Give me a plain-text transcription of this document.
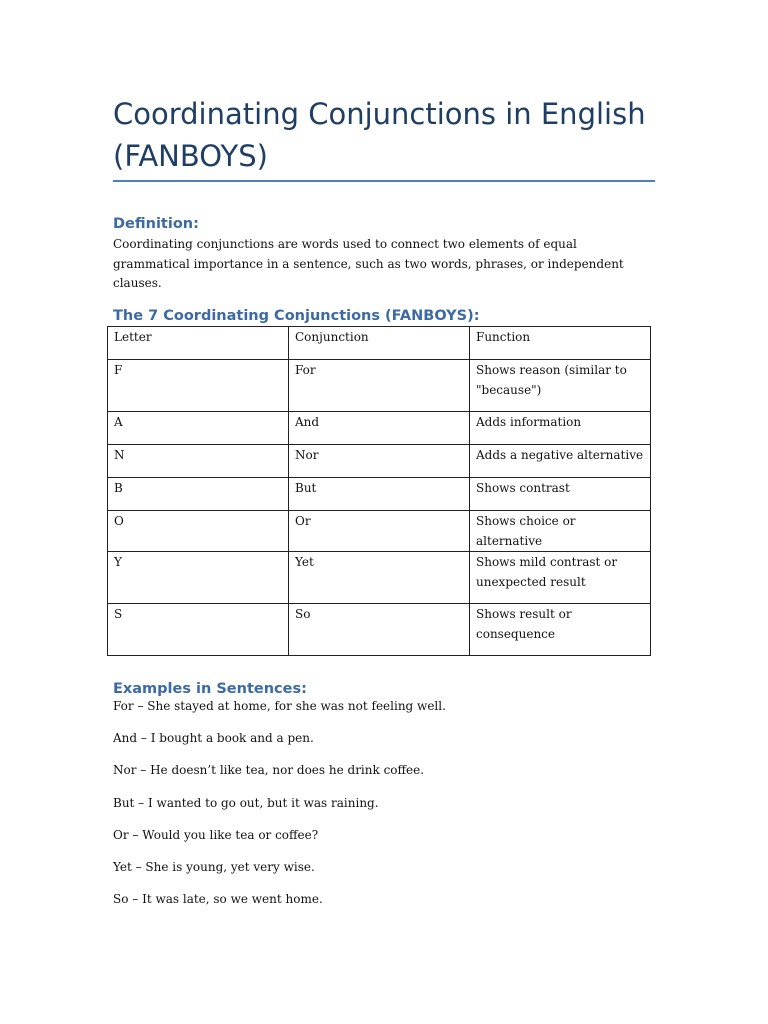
Coordinating Conjunctions in English (FANBOYS)
Definition:

Coordinating conjunctions are words used to connect two elements of equal grammatical importance in a sentence, such as two words, phrases, or independent clauses.

The 7 Coordinating Conjunctions (FANBOYS):
Letter	Conjunction	Function
F	For	Shows reason (similar to "because")
A	And	Adds information
N	Nor	Adds a negative alternative
B	But	Shows contrast
O	Or	Shows choice or alternative
Y	Yet	Shows mild contrast or unexpected result
S	So	Shows result or consequence
Examples in Sentences:
For – She stayed at home, for she was not feeling well.
And – I bought a book and a pen.
Nor – He doesn’t like tea, nor does he drink coffee.
But – I wanted to go out, but it was raining.
Or – Would you like tea or coffee?
Yet – She is young, yet very wise.
So – It was late, so we went home.
